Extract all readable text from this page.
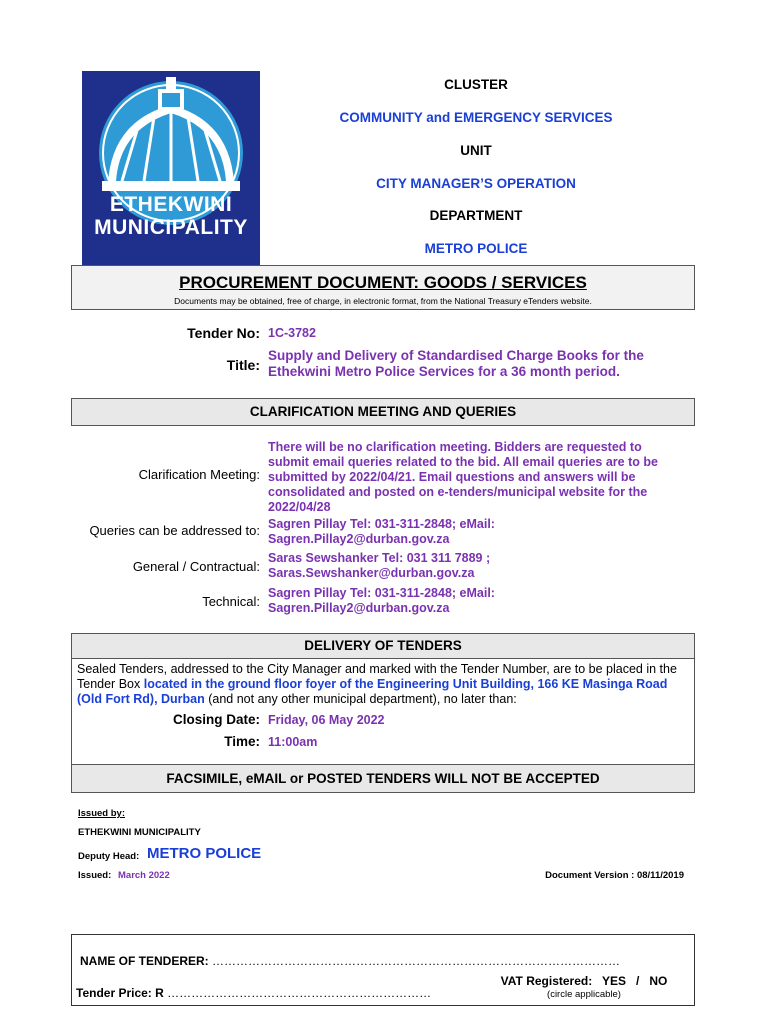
ETHEKWINI
MUNICIPALITY
CLUSTER
COMMUNITY and EMERGENCY SERVICES
UNIT
CITY MANAGER’S OPERATION
DEPARTMENT
METRO POLICE
PROCUREMENT DOCUMENT: GOODS / SERVICES
Documents may be obtained, free of charge, in electronic format, from the National Treasury eTenders website.
Tender No: 1C-3782
Title:
Supply and Delivery of Standardised Charge Books for the
Ethekwini Metro Police Services for a 36 month period.
CLARIFICATION MEETING AND QUERIES
Clarification Meeting:
There will be no clarification meeting. Bidders are requested to
submit email queries related to the bid. All email queries are to be
submitted by 2022/04/21. Email questions and answers will be
consolidated and posted on e-tenders/municipal website for the
2022/04/28
Queries can be addressed to: Sagren Pillay Tel: 031-311-2848; eMail:
Sagren.Pillay2@durban.gov.za
General / Contractual:
Saras Sewshanker Tel: 031 311 7889 ;
Saras.Sewshanker@durban.gov.za
Technical:
Sagren Pillay Tel: 031-311-2848; eMail:
Sagren.Pillay2@durban.gov.za
DELIVERY OF TENDERS
Sealed Tenders, addressed to the City Manager and marked with the Tender Number, are to be placed in the Tender Box located in the ground floor foyer of the Engineering Unit Building, 166 KE Masinga Road (Old Fort Rd), Durban (and not any other municipal department), no later than:
Closing Date: Friday, 06 May 2022
Time: 11:00am
FACSIMILE, eMAIL or POSTED TENDERS WILL NOT BE ACCEPTED
Issued by:
ETHEKWINI MUNICIPALITY
Deputy Head: METRO POLICE
Issued: March 2022	Document Version : 08/11/2019
NAME OF TENDERER: …………………………………………………………………………………………
Tender Price: R …………………………………………………………
VAT Registered:   YES   /   NO
(circle applicable)
